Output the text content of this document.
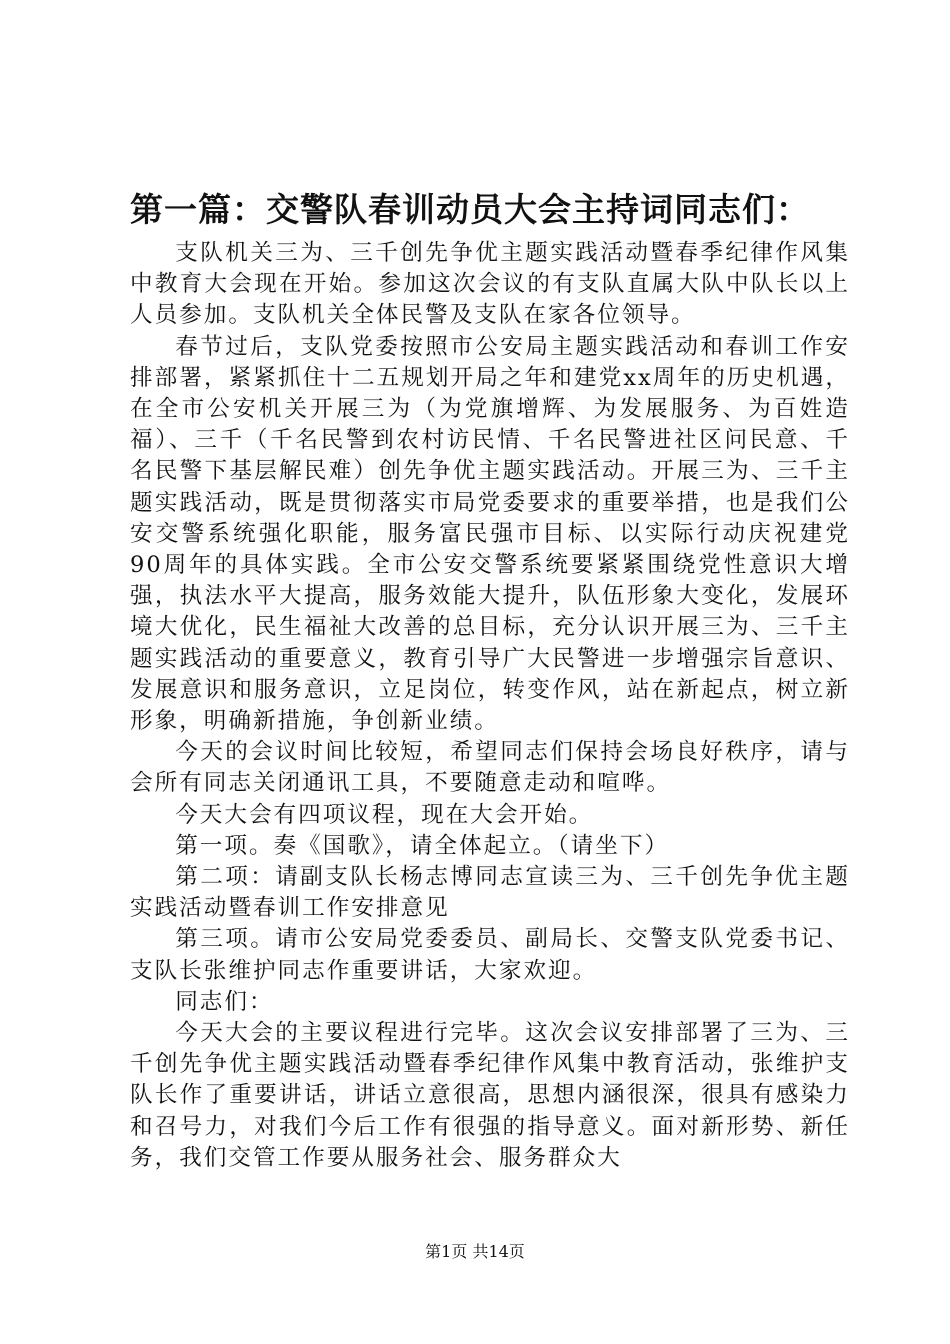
第一篇：交警队春训动员大会主持词同志们：

支队机关三为、三千创先争优主题实践活动暨春季纪律作风集中教育大会现在开始。参加这次会议的有支队直属大队中队长以上人员参加。支队机关全体民警及支队在家各位领导。

春节过后，支队党委按照市公安局主题实践活动和春训工作安排部署，紧紧抓住十二五规划开局之年和建党xx周年的历史机遇，在全市公安机关开展三为（为党旗增辉、为发展服务、为百姓造福）、三千（千名民警到农村访民情、千名民警进社区问民意、千名民警下基层解民难）创先争优主题实践活动。开展三为、三千主题实践活动，既是贯彻落实市局党委要求的重要举措，也是我们公安交警系统强化职能，服务富民强市目标、以实际行动庆祝建党90周年的具体实践。全市公安交警系统要紧紧围绕党性意识大增强，执法水平大提高，服务效能大提升，队伍形象大变化，发展环境大优化，民生福祉大改善的总目标，充分认识开展三为、三千主题实践活动的重要意义，教育引导广大民警进一步增强宗旨意识、发展意识和服务意识，立足岗位，转变作风，站在新起点，树立新形象，明确新措施，争创新业绩。

今天的会议时间比较短，希望同志们保持会场良好秩序，请与会所有同志关闭通讯工具，不要随意走动和喧哗。

今天大会有四项议程，现在大会开始。

第一项。奏《国歌》，请全体起立。（请坐下）

第二项：请副支队长杨志博同志宣读三为、三千创先争优主题实践活动暨春训工作安排意见

第三项。请市公安局党委委员、副局长、交警支队党委书记、支队长张维护同志作重要讲话，大家欢迎。

同志们：

今天大会的主要议程进行完毕。这次会议安排部署了三为、三千创先争优主题实践活动暨春季纪律作风集中教育活动，张维护支队长作了重要讲话，讲话立意很高，思想内涵很深，很具有感染力和召号力，对我们今后工作有很强的指导意义。面对新形势、新任务，我们交管工作要从服务社会、服务群众大

第1页 共14页
